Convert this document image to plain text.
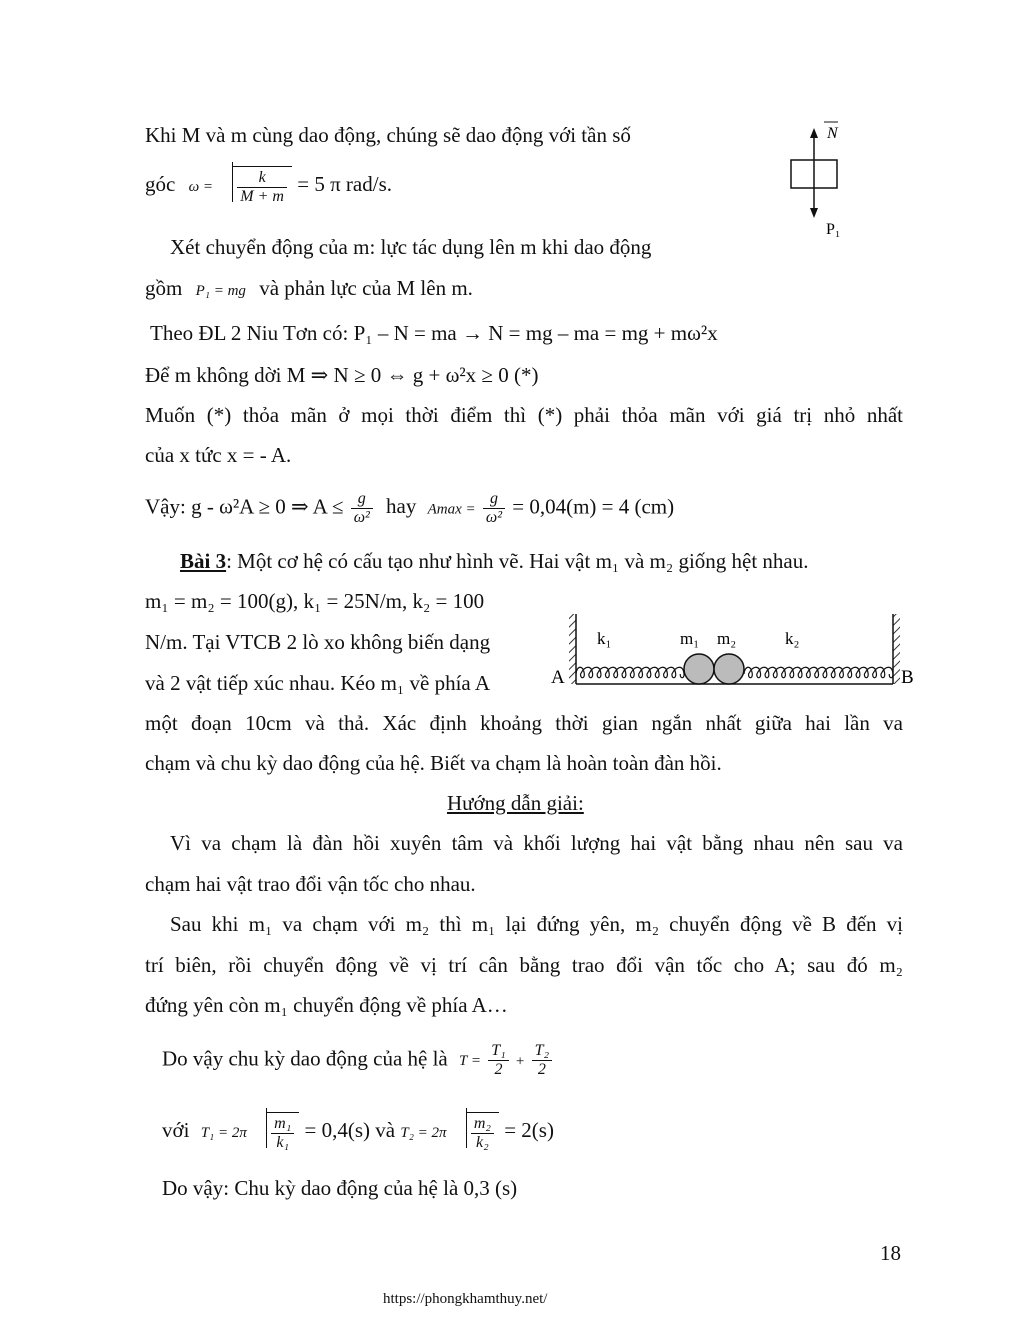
Khi M và m cùng dao động, chúng sẽ dao động với tần số
góc $\omega = \frac{k}{M + m} = 5$ π rad/s.
Xét chuyển động của m: lực tác dụng lên m khi dao động
gồm P₁ = mg và phản lực của M lên m.
Theo ĐL 2 Niu Tơn có: P₁ – N = ma → N = mg – ma = mg + mω²x
Để m không dời M ⇒ N ≥ 0 ⇔ g + ω²x ≥ 0 (*)
Muốn (*) thỏa mãn ở mọi thời điểm thì (*) phải thỏa mãn với giá trị nhỏ nhất
của x tức x = - A.
Vậy: g - ω²A ≥ 0 ⇒ $A \le \frac{g}{\text{ω²}}$ hay $Amax = \frac{g}{\text{ω²}} = 0,04(m) = 4$ (cm)
N
P₁
Bài 3: Một cơ hệ có cấu tạo như hình vẽ. Hai vật m₁ và m₂ giống hệt nhau.
m₁ = m₂ = 100(g), k₁ = 25N/m, k₂ = 100
N/m. Tại VTCB 2 lò xo không biến dạng
và 2 vật tiếp xúc nhau. Kéo m₁ về phía A
k₁	m₁ m₂	k₂
A	B
một đoạn 10cm và thả. Xác định khoảng thời gian ngắn nhất giữa hai lần va
chạm và chu kỳ dao động của hệ. Biết va chạm là hoàn toàn đàn hồi.
Hướng dẫn giải:
Vì va chạm là đàn hồi xuyên tâm và khối lượng hai vật bằng nhau nên sau va
chạm hai vật trao đổi vận tốc cho nhau.
Sau khi m₁ va chạm với m₂ thì m₁ lại đứng yên, m₂ chuyển động về B đến vị
trí biên, rồi chuyển động về vị trí cân bằng trao đổi vận tốc cho A; sau đó m₂
đứng yên còn m₁ chuyển động về phía A…
Do vậy chu kỳ dao động của hệ là $T = \frac{\text{T₁}}{2} + \frac{\text{T₂}}{2}$
với $T_1 = 2\pi \frac{\text{m₁}}{\text{k₁}} = 0,4(s)$ và $T_2 = 2\pi \frac{\text{m₂}}{\text{k₂}} = 2(s)$
Do vậy: Chu kỳ dao động của hệ là 0,3 (s)
18
https://phongkhamthuy.net/
